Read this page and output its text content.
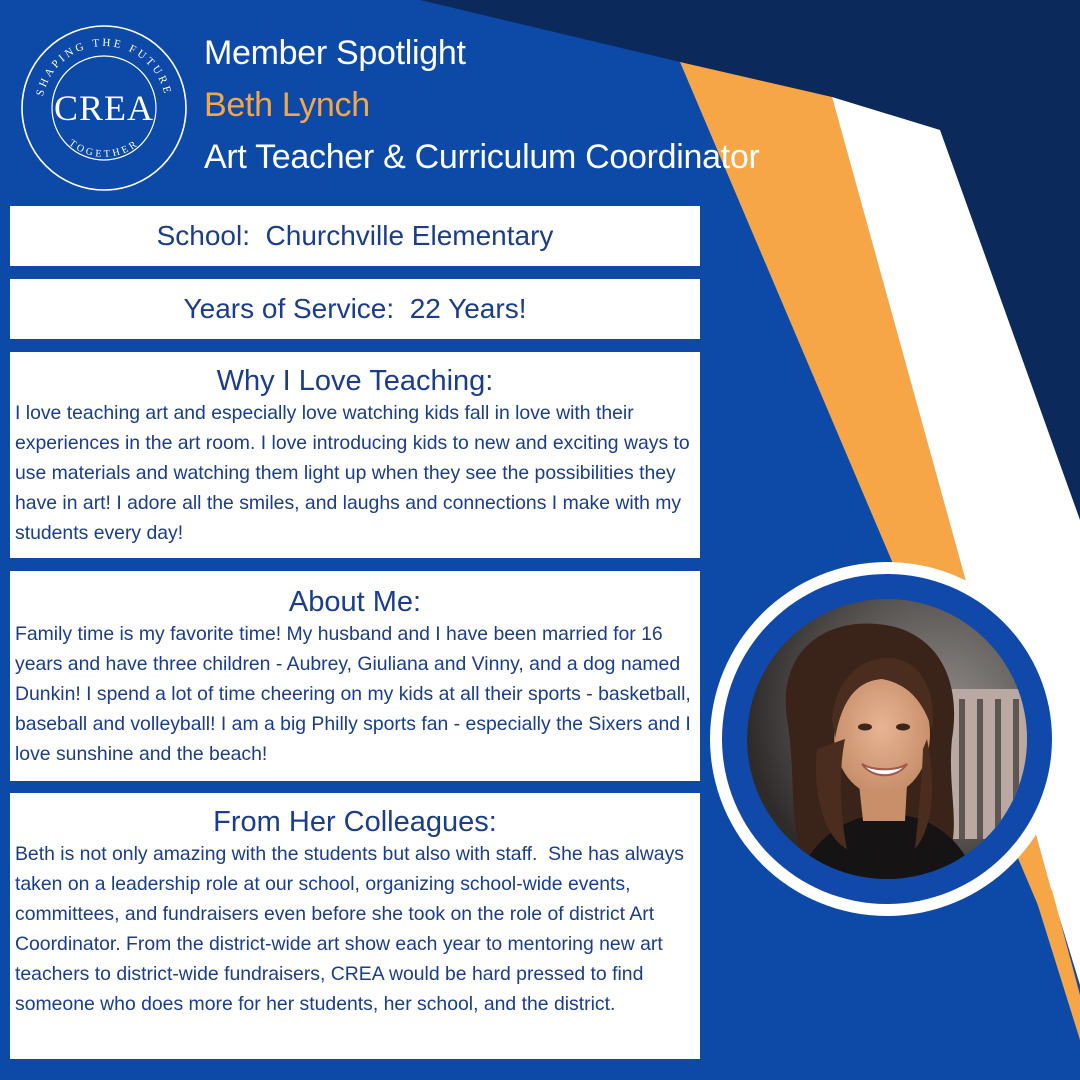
SHAPING THE FUTURE
TOGETHER
CREA
Member Spotlight
Beth Lynch
Art Teacher & Curriculum Coordinator
School:  Churchville Elementary
Years of Service:  22 Years!

Why I Love Teaching:

I love teaching art and especially love watching kids fall in love with their experiences in the art room. I love introducing kids to new and exciting ways to use materials and watching them light up when they see the possibilities they have in art! I adore all the smiles, and laughs and connections I make with my students every day!

About Me:

Family time is my favorite time! My husband and I have been married for 16 years and have three children - Aubrey, Giuliana and Vinny, and a dog named Dunkin! I spend a lot of time cheering on my kids at all their sports - basketball, baseball and volleyball! I am a big Philly sports fan - especially the Sixers and I love sunshine and the beach!

From Her Colleagues:

Beth is not only amazing with the students but also with staff.  She has always taken on a leadership role at our school, organizing school-wide events, committees, and fundraisers even before she took on the role of district Art Coordinator. From the district-wide art show each year to mentoring new art teachers to district-wide fundraisers, CREA would be hard pressed to find someone who does more for her students, her school, and the district.
